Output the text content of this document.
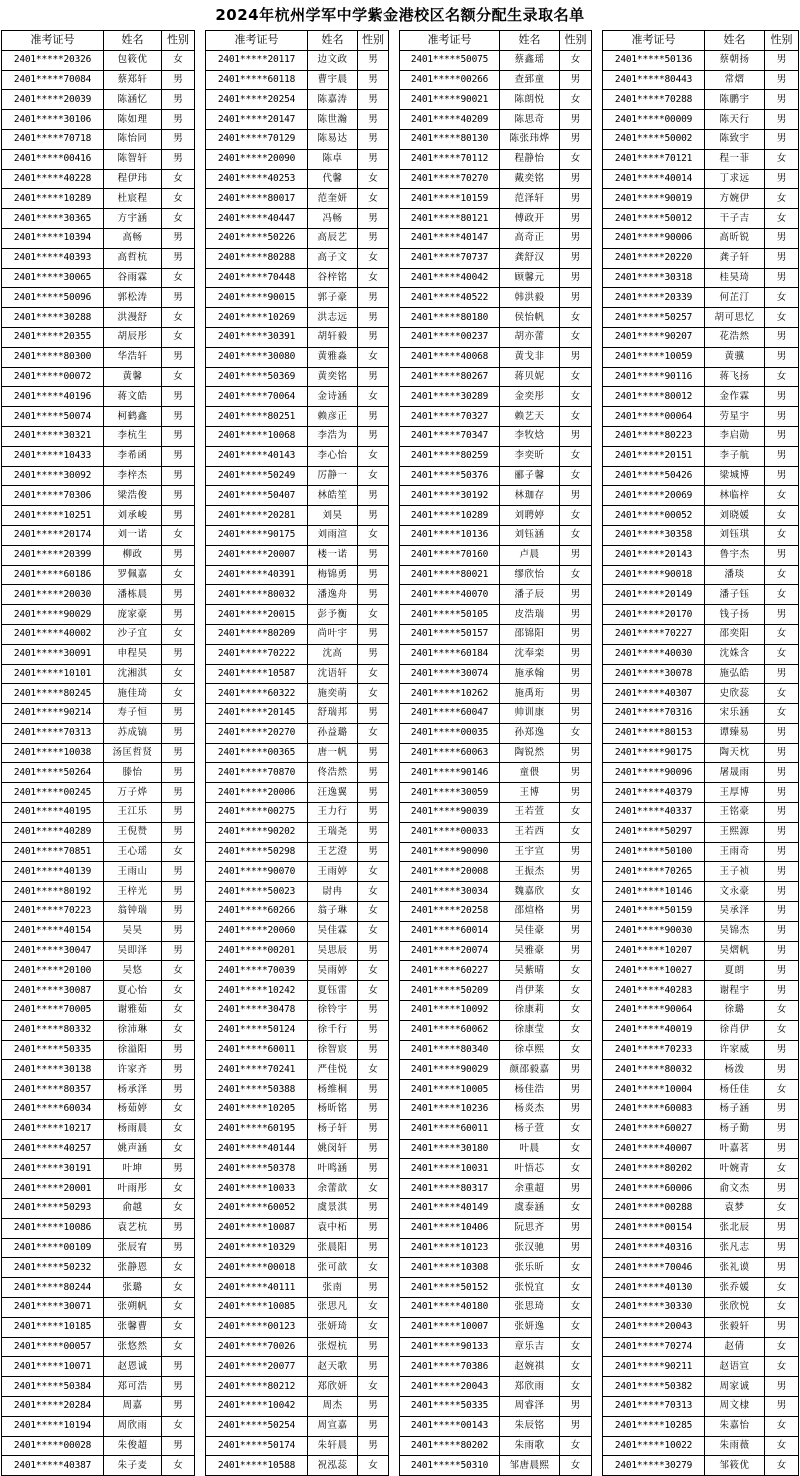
2024年杭州学军中学紫金港校区名额分配生录取名单
准考证号	姓名	性别
2401*****20326	包筱优	女
2401*****70084	蔡郑轩	男
2401*****20039	陈涵忆	男
2401*****30106	陈如理	男
2401*****70718	陈怡同	男
2401*****00416	陈智轩	男
2401*****40228	程伊玮	女
2401*****10289	杜宸程	女
2401*****30365	方宇涵	女
2401*****10394	高畅	男
2401*****40393	高哲杭	男
2401*****30065	谷雨霖	女
2401*****50096	郭松涛	男
2401*****30288	洪漫舒	女
2401*****20355	胡辰彤	女
2401*****80300	华浩轩	男
2401*****00072	黄馨	女
2401*****40196	蒋文皓	男
2401*****50074	柯鹤鑫	男
2401*****30321	李杭生	男
2401*****10433	李希函	男
2401*****30092	李梓杰	男
2401*****70306	梁浩俊	男
2401*****10251	刘承峻	男
2401*****20174	刘一诺	女
2401*****20399	柳政	男
2401*****60186	罗佩嘉	女
2401*****20030	潘栋晨	男
2401*****90029	庞家豪	男
2401*****40002	沙子宜	女
2401*****30091	申程昊	男
2401*****10101	沈湘淇	女
2401*****80245	施佳琦	女
2401*****90214	寿子恒	男
2401*****70313	苏成镐	男
2401*****10038	汤匡哲贤	男
2401*****50264	滕怡	男
2401*****00245	万子烨	男
2401*****40195	王江乐	男
2401*****40289	王倪赞	男
2401*****70851	王心瑶	女
2401*****40139	王雨山	男
2401*****80192	王梓光	男
2401*****70223	翁钟瑞	男
2401*****40154	吴昊	男
2401*****30047	吴即泽	男
2401*****20100	吴悠	女
2401*****30087	夏心怡	女
2401*****70005	谢雅茹	女
2401*****80332	徐沛琳	女
2401*****50335	徐溢阳	男
2401*****30138	许家齐	男
2401*****80357	杨承泽	男
2401*****60034	杨茹婷	女
2401*****10217	杨雨晨	女
2401*****40257	姚声涵	女
2401*****30191	叶坤	男
2401*****20001	叶雨彤	女
2401*****50293	俞越	女
2401*****10086	袁艺杭	男
2401*****00109	张辰宥	男
2401*****50232	张静恩	女
2401*****80244	张璐	女
2401*****30071	张朔帆	女
2401*****10185	张馨曹	女
2401*****00057	张悠然	女
2401*****10071	赵恩诚	男
2401*****50384	郑可浩	男
2401*****20284	周嘉	男
2401*****10194	周欣雨	女
2401*****00028	朱俊超	男
2401*****40387	朱子麦	女
准考证号	姓名	性别
2401*****20117	边文政	男
2401*****60118	曹宇晨	男
2401*****20254	陈嘉涛	男
2401*****20147	陈世瀚	男
2401*****70129	陈易达	男
2401*****20090	陈卓	男
2401*****40253	代馨	女
2401*****80017	范奎妍	女
2401*****40447	冯畅	男
2401*****50226	高辰艺	男
2401*****80288	高子文	女
2401*****70448	谷梓铭	女
2401*****90015	郭子豪	男
2401*****10269	洪志远	男
2401*****30391	胡轩毅	男
2401*****30080	黄雅淼	女
2401*****50369	黄奕铭	男
2401*****70064	金诗涵	女
2401*****80251	赖彦正	男
2401*****10068	李浩为	男
2401*****40143	李心怡	女
2401*****50249	厉静一	女
2401*****50407	林皓笙	男
2401*****20281	刘昊	男
2401*****90175	刘雨渲	女
2401*****20007	楼一诺	男
2401*****40391	梅锦勇	男
2401*****80032	潘逸舟	男
2401*****20015	彭予衡	女
2401*****80209	尚叶宇	男
2401*****70222	沈高	男
2401*****10587	沈语轩	女
2401*****60322	施奕萌	女
2401*****20145	舒瑞邦	男
2401*****20270	孙益璐	女
2401*****00365	唐一帆	男
2401*****70870	佟浩然	男
2401*****20006	汪逸翼	男
2401*****00275	王力行	男
2401*****90202	王瑞尧	男
2401*****50298	王艺澄	男
2401*****90070	王雨婷	女
2401*****50023	尉冉	女
2401*****60266	翁子琳	女
2401*****20060	吴佳霖	女
2401*****00201	吴思辰	男
2401*****70039	吴雨婷	女
2401*****10242	夏钰雷	女
2401*****30478	徐铃宇	男
2401*****50124	徐千行	男
2401*****60011	徐智宸	男
2401*****70241	严佳悦	女
2401*****50388	杨维桐	男
2401*****10205	杨昕铭	男
2401*****60195	杨子轩	男
2401*****40144	姚闵轩	男
2401*****50378	叶鸣涵	男
2401*****10033	余蕾歆	女
2401*****60052	虞景淇	男
2401*****10087	袁中柘	男
2401*****10329	张晨阳	男
2401*****00018	张可歆	女
2401*****40111	张南	男
2401*****10085	张思凡	女
2401*****00123	张妍琦	女
2401*****70026	张煜杭	男
2401*****20077	赵天歌	男
2401*****80212	郑欣妍	女
2401*****10042	周杰	男
2401*****50254	周宣嘉	男
2401*****50174	朱轩晨	男
2401*****10588	祝泓蕊	女
准考证号	姓名	性别
2401*****50075	蔡鑫瑶	女
2401*****00266	查郅童	男
2401*****90021	陈朗悦	女
2401*****40209	陈思奇	男
2401*****80130	陈张玮烨	男
2401*****70112	程静怡	女
2401*****70270	戴奕铭	男
2401*****10159	范泽轩	男
2401*****80121	傅政开	男
2401*****40147	高奇正	男
2401*****70737	龚舒汉	男
2401*****40042	顾馨元	男
2401*****40522	韩洪毅	男
2401*****80180	侯怡帆	女
2401*****00237	胡亦蕾	女
2401*****40068	黄戈非	男
2401*****80267	蒋贝妮	女
2401*****30289	金奕彤	女
2401*****70327	赖艺天	女
2401*****70347	李牧焓	男
2401*****80259	李奕昕	女
2401*****50376	郦子馨	女
2401*****30192	林珈存	男
2401*****10289	刘聘婷	女
2401*****10136	刘钰涵	女
2401*****70160	卢晨	男
2401*****80021	缪欣怡	女
2401*****40070	潘子辰	男
2401*****50105	皮浩瑞	男
2401*****50157	邵锦阳	男
2401*****60184	沈奉栾	男
2401*****30074	施承翰	男
2401*****10262	施禹珩	男
2401*****60047	帅训康	男
2401*****00035	孙郑逸	女
2401*****60063	陶锐然	男
2401*****90146	童偎	男
2401*****30059	王博	男
2401*****90039	王若萱	女
2401*****00033	王若西	女
2401*****90090	王宇宣	男
2401*****20008	王振杰	男
2401*****30034	魏嘉欣	女
2401*****20258	邵煊格	男
2401*****60014	吴佳豪	男
2401*****20074	吴雅豪	男
2401*****60227	吴紫晴	女
2401*****50209	肖伊莱	女
2401*****10092	徐康莉	女
2401*****60062	徐康莹	女
2401*****80340	徐卓熙	女
2401*****90029	颜邵毅嘉	男
2401*****10005	杨佳浩	男
2401*****10236	杨炎杰	男
2401*****60011	杨子萱	女
2401*****30180	叶晨	女
2401*****10031	叶悟芯	女
2401*****80317	余重超	男
2401*****40149	虞泰涵	女
2401*****10406	阮思齐	男
2401*****10123	张汉驰	男
2401*****10308	张乐昕	女
2401*****50152	张悦宜	女
2401*****40180	张思琦	女
2401*****10007	张妍逸	女
2401*****90133	章乐吉	女
2401*****70386	赵婉祺	女
2401*****20043	郑欣雨	女
2401*****50335	周睿泽	男
2401*****00143	朱辰铭	男
2401*****80202	朱雨歌	女
2401*****50310	邹唐晨熙	女
准考证号	姓名	性别
2401*****50136	蔡朝扬	男
2401*****80443	常熠	男
2401*****70288	陈鹏宇	男
2401*****00009	陈天行	男
2401*****50002	陈致宇	男
2401*****70121	程一菲	女
2401*****40014	丁求远	男
2401*****90019	方婉伊	女
2401*****50012	干子吉	女
2401*****90006	高昕锐	男
2401*****20220	龚子轩	男
2401*****30318	桂昊琦	男
2401*****20339	何芷汀	女
2401*****50257	胡可思忆	女
2401*****90207	花浩然	男
2401*****10059	黄骥	男
2401*****90116	蒋飞扬	女
2401*****80012	金作霖	男
2401*****00064	劳星宇	男
2401*****80223	李启勋	男
2401*****20151	李子航	男
2401*****50426	梁城博	男
2401*****20069	林临梓	女
2401*****00052	刘晓媛	女
2401*****30358	刘钰琪	女
2401*****20143	鲁宇杰	男
2401*****90018	潘琰	女
2401*****20149	潘子钰	女
2401*****20170	钱子扬	男
2401*****70227	邵奕阳	女
2401*****40030	沈姝含	女
2401*****30078	施弘皓	男
2401*****40307	史欣蕊	女
2401*****70316	宋乐涵	女
2401*****80153	谭臻易	男
2401*****90175	陶天枕	男
2401*****90096	屠晟雨	男
2401*****40379	王厚博	男
2401*****40337	王铭豪	男
2401*****50297	王熙源	男
2401*****50100	王雨奇	男
2401*****70265	王子祯	男
2401*****10146	文永豪	男
2401*****50159	吴承泽	男
2401*****90030	吴锦杰	男
2401*****10207	吴熠帆	男
2401*****10027	夏朗	男
2401*****40283	谢程宇	男
2401*****90064	徐璐	女
2401*****40019	徐肖伊	女
2401*****70233	许家威	男
2401*****80032	杨泼	男
2401*****10004	杨任佳	女
2401*****60083	杨子涵	男
2401*****60027	杨子勤	男
2401*****40007	叶嘉茗	男
2401*****80202	叶婉青	女
2401*****60006	俞文杰	男
2401*****00288	袁梦	女
2401*****00154	张北辰	男
2401*****40316	张凡志	男
2401*****70046	张礼谟	男
2401*****40130	张乔媛	女
2401*****30330	张欣悦	女
2401*****20043	张毅轩	男
2401*****70274	赵倩	女
2401*****90211	赵语宣	女
2401*****50382	周家诚	男
2401*****70313	周文棣	男
2401*****10285	朱嘉怡	女
2401*****10022	朱雨薇	女
2401*****30279	邹筱优	女
